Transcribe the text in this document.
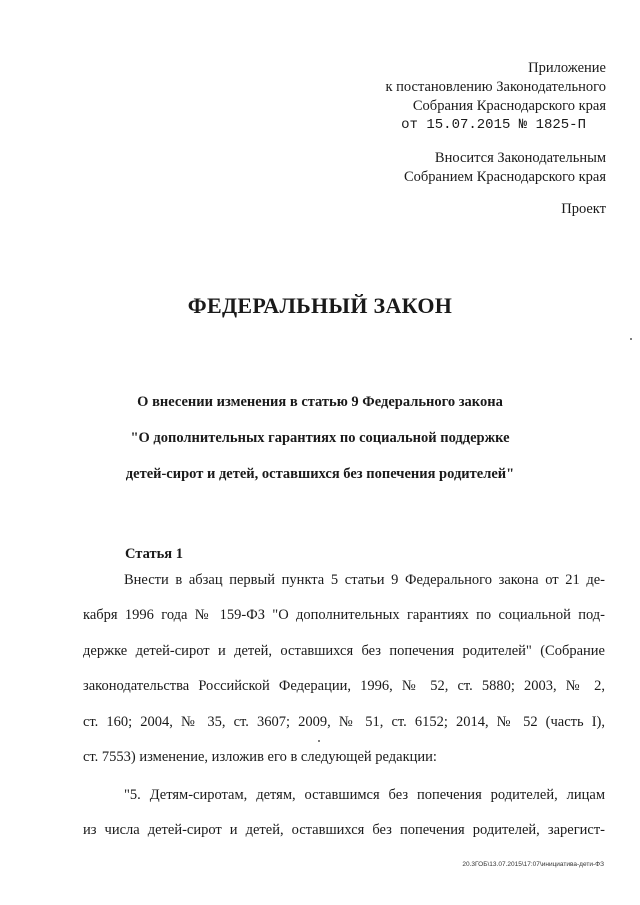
Приложение
к постановлению Законодательного
Собрания Краснодарского края
от 15.07.2015 № 1825-П
Вносится Законодательным
Собранием Краснодарского края
Проект
ФЕДЕРАЛЬНЫЙ ЗАКОН
О внесении изменения в статью 9 Федерального закона
"О дополнительных гарантиях по социальной поддержке
детей-сирот и детей, оставшихся без попечения родителей"
Статья 1
Внести в абзац первый пункта 5 статьи 9 Федерального закона от 21 де-
кабря 1996 года № 159-ФЗ "О дополнительных гарантиях по социальной под-
держке детей-сирот и детей, оставшихся без попечения родителей" (Собрание
законодательства Российской Федерации, 1996, № 52, ст. 5880; 2003, № 2,
ст. 160; 2004, № 35, ст. 3607; 2009, № 51, ст. 6152; 2014, № 52 (часть I),
ст. 7553) изменение, изложив его в следующей редакции:
"5. Детям-сиротам, детям, оставшимся без попечения родителей, лицам
из числа детей-сирот и детей, оставшихся без попечения родителей, зарегист-
20.3ГОБ\13.07.2015\17:07\инициатива-дети-ФЗ
